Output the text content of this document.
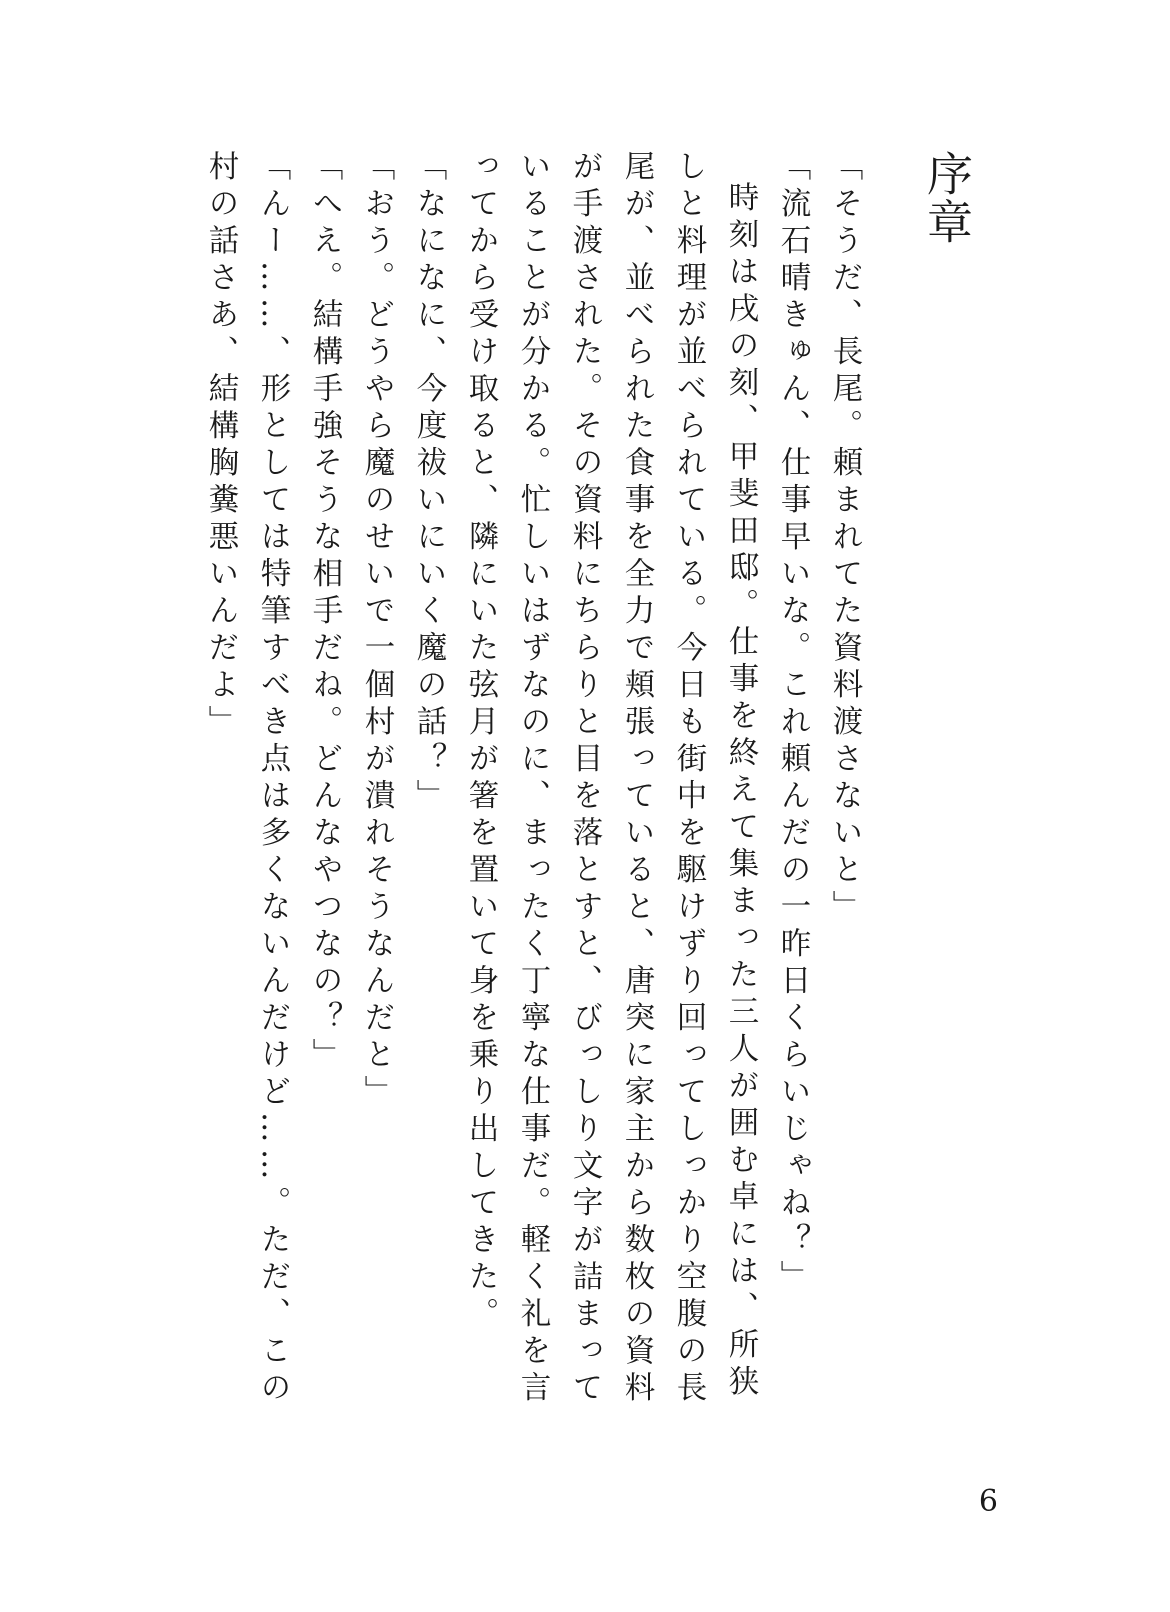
序章

「そうだ、長尾。頼まれてた資料渡さないと」

「流石晴きゅん、仕事早いな。これ頼んだの一昨日くらいじゃね？」

時刻は戌の刻、甲斐田邸。仕事を終えて集まった三人が囲む卓には、所狭しと料理が並べられている。今日も街中を駆けずり回ってしっかり空腹の長尾が、並べられた食事を全力で頬張っていると、唐突に家主から数枚の資料が手渡された。その資料にちらりと目を落とすと、びっしり文字が詰まっていることが分かる。忙しいはずなのに、まったく丁寧な仕事だ。軽く礼を言ってから受け取ると、隣にいた弦月が箸を置いて身を乗り出してきた。

「なになに、今度祓いにいく魔の話？」

「おう。どうやら魔のせいで一個村が潰れそうなんだと」

「へえ。結構手強そうな相手だね。どんなやつなの？」

「んー……、形としては特筆すべき点は多くないんだけど……。ただ、この村の話さあ、結構胸糞悪いんだよ」

6
